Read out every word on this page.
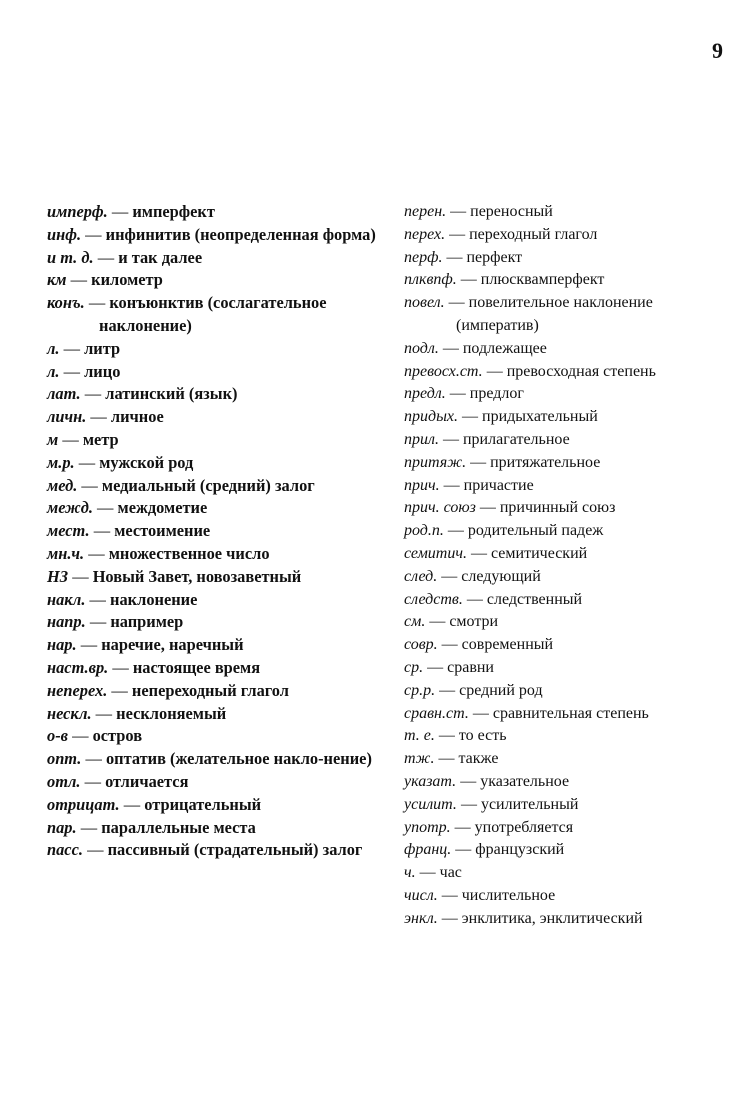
9
имперф. — имперфект
инф. — инфинитив (неопределенная форма)
и т. д. — и так далее
км — километр
конъ. — конъюнктив (сослагательное наклонение)
л. — литр
л. — лицо
лат. — латинский (язык)
личн. — личное
м — метр
м.р. — мужской род
мед. — медиальный (средний) залог
межд. — междометие
мест. — местоимение
мн.ч. — множественное число
НЗ — Новый Завет, новозаветный
накл. — наклонение
напр. — например
нар. — наречие, наречный
наст.вр. — настоящее время
неперех. — непереходный глагол
нескл. — несклоняемый
о-в — остров
опт. — оптатив (желательное накло-нение)
отл. — отличается
отрицат. — отрицательный
пар. — параллельные места
пасс. — пассивный (страдательный) залог
перен. — переносный
перех. — переходный глагол
перф. — перфект
плквпф. — плюсквамперфект
повел. — повелительное наклонение (императив)
подл. — подлежащее
превосх.ст. — превосходная степень
предл. — предлог
придых. — придыхательный
прил. — прилагательное
притяж. — притяжательное
прич. — причастие
прич. союз — причинный союз
род.п. — родительный падеж
семитич. — семитический
след. — следующий
следств. — следственный
см. — смотри
совр. — современный
ср. — сравни
ср.р. — средний род
сравн.ст. — сравнительная степень
т. е. — то есть
тж. — также
указат. — указательное
усилит. — усилительный
употр. — употребляется
франц. — французский
ч. — час
числ. — числительное
энкл. — энклитика, энклитический
